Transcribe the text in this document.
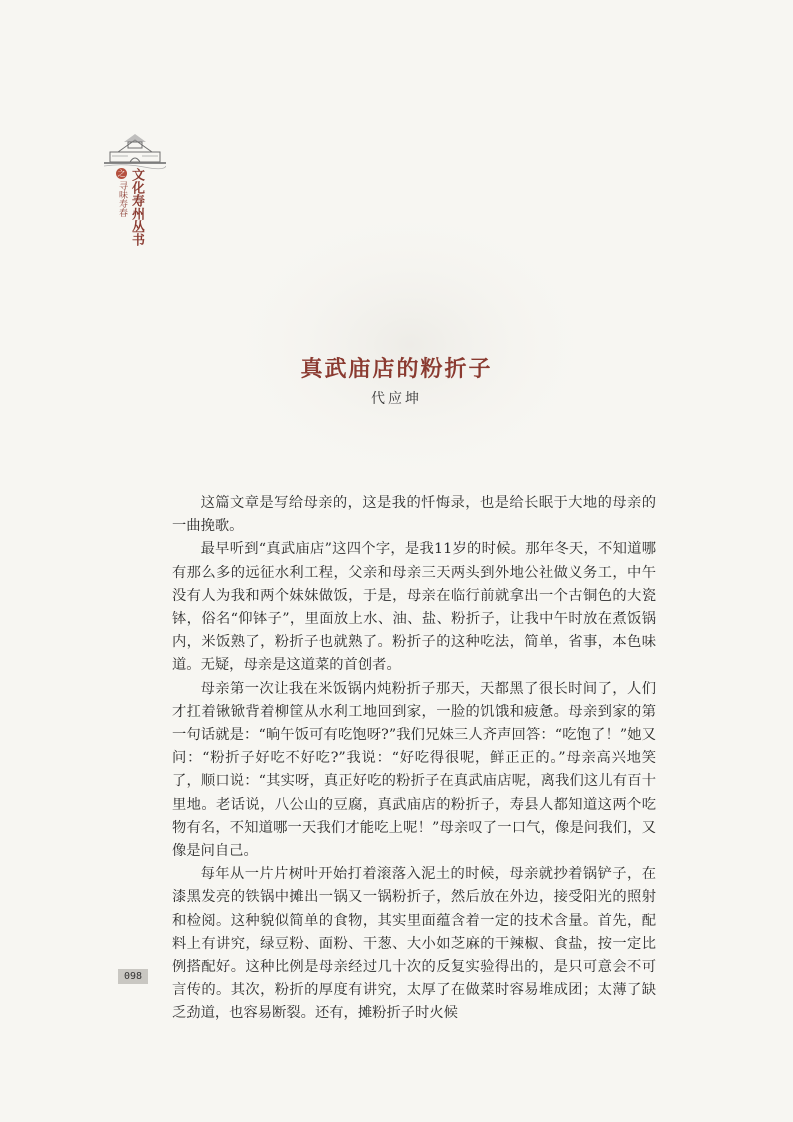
文化寿州丛书
之
寻味寿春
真武庙店的粉折子
代应坤

这篇文章是写给母亲的，这是我的忏悔录，也是给长眠于大地的母亲的一曲挽歌。

最早听到“真武庙店”这四个字，是我11岁的时候。那年冬天，不知道哪有那么多的远征水利工程，父亲和母亲三天两头到外地公社做义务工，中午没有人为我和两个妹妹做饭，于是，母亲在临行前就拿出一个古铜色的大瓷钵，俗名“仰钵子”，里面放上水、油、盐、粉折子，让我中午时放在煮饭锅内，米饭熟了，粉折子也就熟了。粉折子的这种吃法，简单，省事，本色味道。无疑，母亲是这道菜的首创者。

母亲第一次让我在米饭锅内炖粉折子那天，天都黑了很长时间了，人们才扛着锹锨背着柳筐从水利工地回到家，一脸的饥饿和疲惫。母亲到家的第一句话就是：“晌午饭可有吃饱呀?”我们兄妹三人齐声回答：“吃饱了！”她又问：“粉折子好吃不好吃?”我说：“好吃得很呢，鲜正正的。”母亲高兴地笑了，顺口说：“其实呀，真正好吃的粉折子在真武庙店呢，离我们这儿有百十里地。老话说，八公山的豆腐，真武庙店的粉折子，寿县人都知道这两个吃物有名，不知道哪一天我们才能吃上呢！”母亲叹了一口气，像是问我们，又像是问自己。

每年从一片片树叶开始打着滚落入泥土的时候，母亲就抄着锅铲子，在漆黑发亮的铁锅中摊出一锅又一锅粉折子，然后放在外边，接受阳光的照射和检阅。这种貌似简单的食物，其实里面蕴含着一定的技术含量。首先，配料上有讲究，绿豆粉、面粉、干葱、大小如芝麻的干辣椒、食盐，按一定比例搭配好。这种比例是母亲经过几十次的反复实验得出的，是只可意会不可言传的。其次，粉折的厚度有讲究，太厚了在做菜时容易堆成团；太薄了缺乏劲道，也容易断裂。还有，摊粉折子时火候

098
